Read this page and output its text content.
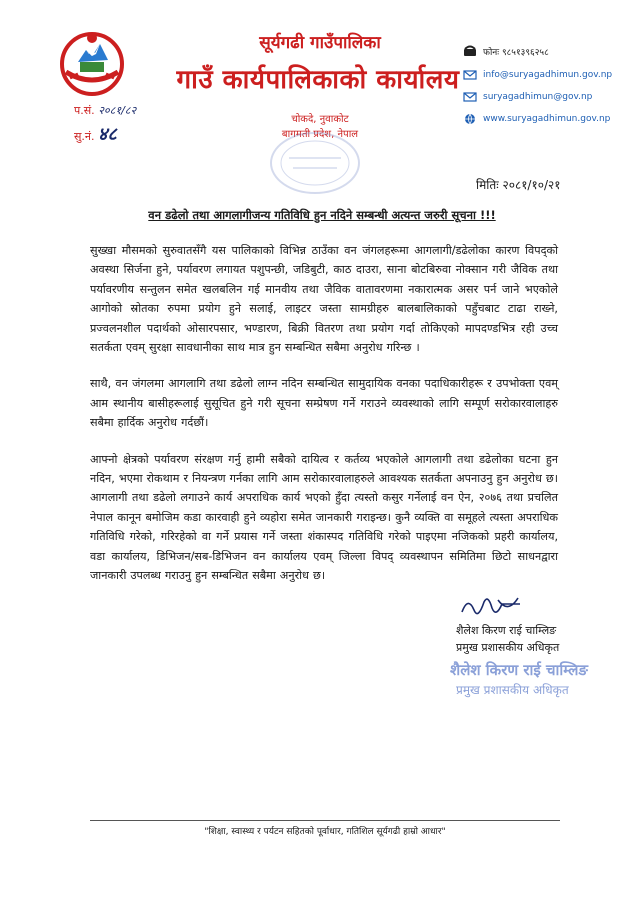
सूर्यगढी गाउँपालिका
गाउँ कार्यपालिकाको कार्यालय
चोकदे, नुवाकोट
बागमती प्रदेश, नेपाल
प.सं. २०८१/८२
सु.नं. ४८
फोनः ९८५१३९६२५८
info@suryagadhimun.gov.np
suryagadhimun@gov.np
www.suryagadhimun.gov.np
मितिः २०८१/१०/२१
वन डढेलो तथा आगलागीजन्य गतिविधि हुन नदिने सम्बन्धी अत्यन्त जरुरी सूचना !!!

सुख्खा मौसमको सुरुवातसँगै यस पालिकाको विभिन्न ठाउँका वन जंगलहरूमा आगलागी/डढेलोका कारण विपद्को अवस्था सिर्जना हुने, पर्यावरण लगायत पशुपन्छी, जडिबुटी, काठ दाउरा, साना बोटबिरुवा नोक्सान गरी जैविक तथा पर्यावरणीय सन्तुलन समेत खलबलिन गई मानवीय तथा जैविक वातावरणमा नकारात्मक असर पर्न जाने भएकोले आगोको स्रोतका रुपमा प्रयोग हुने सलाई, लाइटर जस्ता सामग्रीहरु बालबालिकाको पहुँचबाट टाढा राख्ने, प्रज्वलनशील पदार्थको ओसारपसार, भण्डारण, बिक्री वितरण तथा प्रयोग गर्दा तोकिएको मापदण्डभित्र रही उच्च सतर्कता एवम् सुरक्षा सावधानीका साथ मात्र हुन सम्बन्धित सबैमा अनुरोध गरिन्छ ।

साथै, वन जंगलमा आगलागि तथा डढेलो लाग्न नदिन सम्बन्धित सामुदायिक वनका पदाधिकारीहरू र उपभोक्ता एवम् आम स्थानीय बासीहरूलाई सुसूचित हुने गरी सूचना सम्प्रेषण गर्ने गराउने व्यवस्थाको लागि सम्पूर्ण सरोकारवालाहरु सबैमा हार्दिक अनुरोध गर्दछौं।

आफ्नो क्षेत्रको पर्यावरण संरक्षण गर्नु हामी सबैको दायित्व र कर्तव्य भएकोले आगलागी तथा डढेलोका घटना हुन नदिन, भएमा रोकथाम र नियन्त्रण गर्नका लागि आम सरोकारवालाहरुले आवश्यक सतर्कता अपनाउनु हुन अनुरोध छ। आगलागी तथा डढेलो लगाउने कार्य अपराधिक कार्य भएको हुँदा त्यस्तो कसुर गर्नेलाई वन ऐन, २०७६ तथा प्रचलित नेपाल कानून बमोजिम कडा कारवाही हुने व्यहोरा समेत जानकारी गराइन्छ। कुनै व्यक्ति वा समूहले त्यस्ता अपराधिक गतिविधि गरेको, गरिरहेको वा गर्ने प्रयास गर्ने जस्ता शंकास्पद गतिविधि गरेको पाइएमा नजिकको प्रहरी कार्यालय, वडा कार्यालय, डिभिजन/सब-डिभिजन वन कार्यालय एवम् जिल्ला विपद् व्यवस्थापन समितिमा छिटो साधनद्वारा जानकारी उपलब्ध गराउनु हुन सम्बन्धित सबैमा अनुरोध छ।

शैलेश किरण राई चाम्लिङ
प्रमुख प्रशासकीय अधिकृत
शैलेश किरण राई चाम्लिङ
प्रमुख प्रशासकीय अधिकृत
"शिक्षा, स्वास्थ्य र पर्यटन सहितको पूर्वाधार, गतिशिल सूर्यगढी हाम्रो आधार"
